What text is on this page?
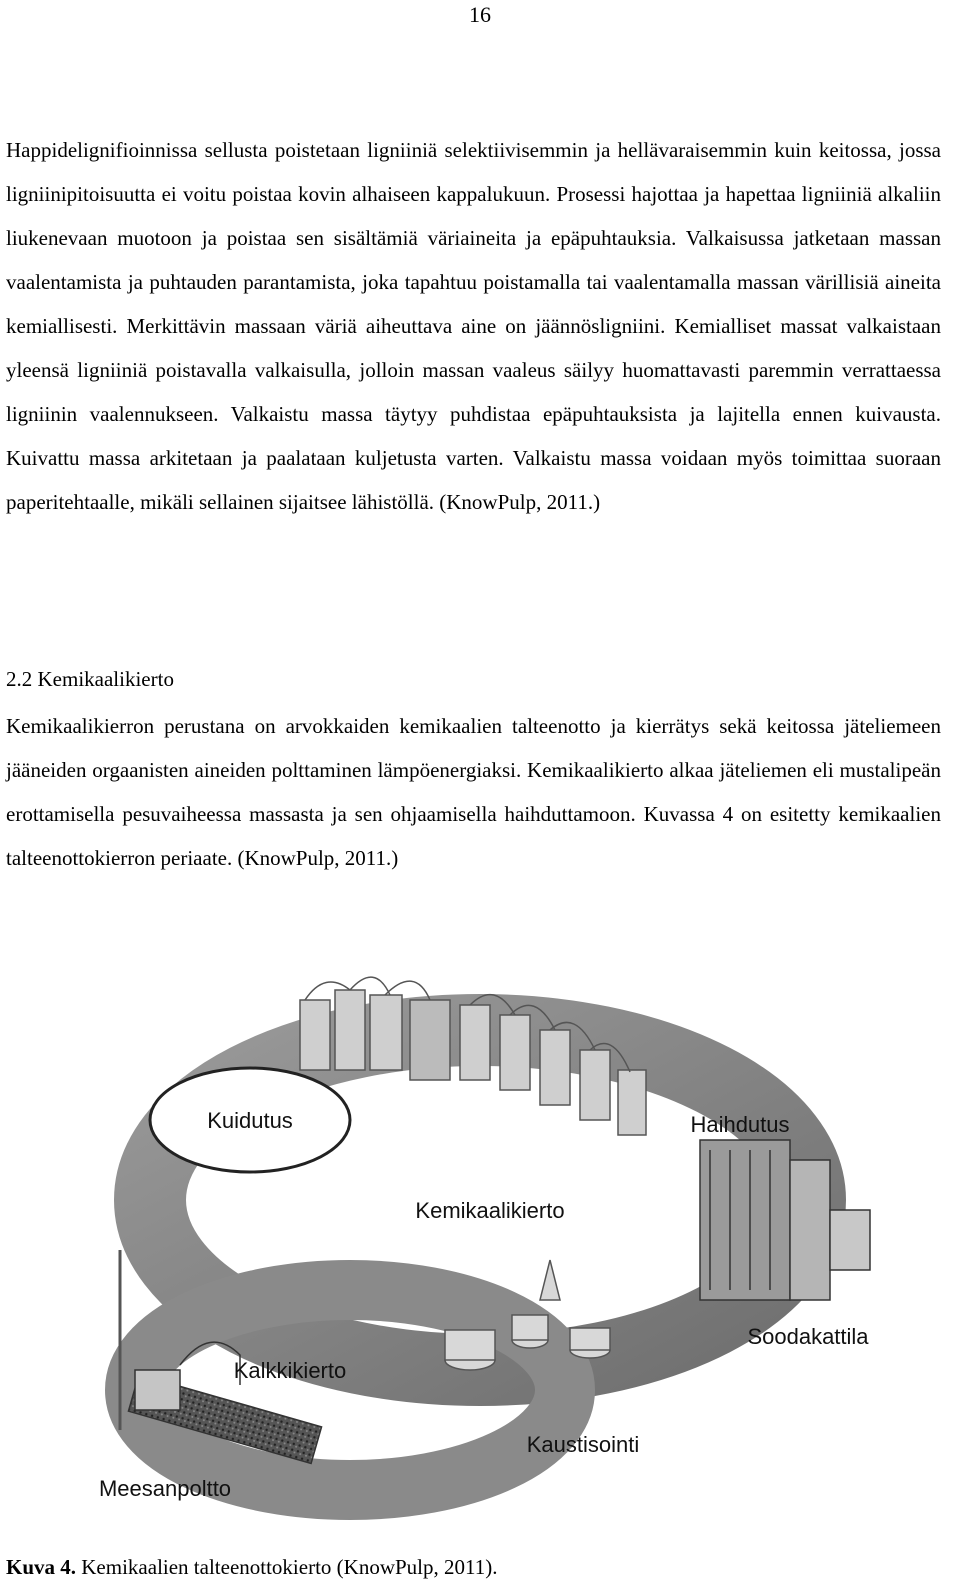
16

Happidelignifioinnissa sellusta poistetaan ligniiniä selektiivisemmin ja hellävaraisemmin kuin keitossa, jossa ligniinipitoisuutta ei voitu poistaa kovin alhaiseen kappalukuun. Prosessi hajottaa ja hapettaa ligniiniä alkaliin liukenevaan muotoon ja poistaa sen sisältämiä väriaineita ja epäpuhtauksia. Valkaisussa jatketaan massan vaalentamista ja puhtauden parantamista, joka tapahtuu poistamalla tai vaalentamalla massan värillisiä aineita kemiallisesti. Merkittävin massaan väriä aiheuttava aine on jäännösligniini. Kemialliset massat valkaistaan yleensä ligniiniä poistavalla valkaisulla, jolloin massan vaaleus säilyy huomattavasti paremmin verrattaessa ligniinin vaalennukseen. Valkaistu massa täytyy puhdistaa epäpuhtauksista ja lajitella ennen kuivausta. Kuivattu massa arkitetaan ja paalataan kuljetusta varten. Valkaistu massa voidaan myös toimittaa suoraan paperitehtaalle, mikäli sellainen sijaitsee lähistöllä. (KnowPulp, 2011.)

2.2 Kemikaalikierto

Kemikaalikierron perustana on arvokkaiden kemikaalien talteenotto ja kierrätys sekä keitossa jäteliemeen jääneiden orgaanisten aineiden polttaminen lämpöenergiaksi. Kemikaalikierto alkaa jäteliemen eli mustalipeän erottamisella pesuvaiheessa massasta ja sen ohjaamisella haihduttamoon. Kuvassa 4 on esitetty kemikaalien talteenottokierron periaate. (KnowPulp, 2011.)

Kuidutus	Haihdutus
Kemikaalikierto
Soodakattila
Kalkkikierto
Kaustisointi
Meesanpoltto
Kuva 4. Kemikaalien talteenottokierto (KnowPulp, 2011).
